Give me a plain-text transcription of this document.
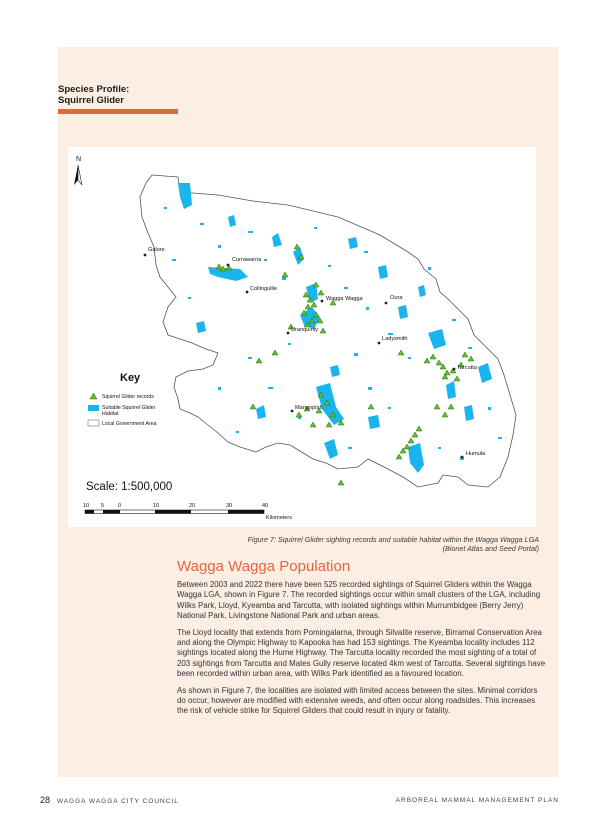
Species Profile:
Squirrel Glider
N
Galore
Currawarna
Collingullie
Wagga Wagga	Oura
Uranquinty
Ladysmith
Tarcutta
Mangoplah
Humula
Key
Squirrel Glider records
Suitable Squirrel Glider
Habitat
Local Government Area
Scale: 1:500,000
10 5	0	10	20	30	40
Kilometers
Figure 7: Squirrel Glider sighting records and suitable habitat within the Wagga Wagga LGA
(Bionet Atlas and Seed Portal)
Wagga Wagga Population

Between 2003 and 2022 there have been 525 recorded sightings of Squirrel Gliders within the Wagga Wagga LGA, shown in Figure 7. The recorded sightings occur within small clusters of the LGA, including Wilks Park, Lloyd, Kyeamba and Tarcutta, with isolated sightings within Murrumbidgee (Berry Jerry) National Park, Livingstone National Park and urban areas.

The Lloyd locality that extends from Pomingalarna, through Silvalite reserve, Birramal Conservation Area and along the Olympic Highway to Kapooka has had 153 sightings. The Kyeamba locality includes 112 sightings located along the Hume Highway. The Tarcutta locality recorded the most sighting of a total of 203 sightings from Tarcutta and Mates Gully reserve located 4km west of Tarcutta. Several sightings have been recorded within urban area, with Wilks Park identified as a favoured location.

As shown in Figure 7, the localities are isolated with limited access between the sites. Minimal corridors do occur, however are modified with extensive weeds, and often occur along roadsides. This increases the risk of vehicle strike for Squirrel Gliders that could result in injury or fatality.

28 WAGGA WAGGA CITY COUNCIL	ARBOREAL MAMMAL MANAGEMENT PLAN
